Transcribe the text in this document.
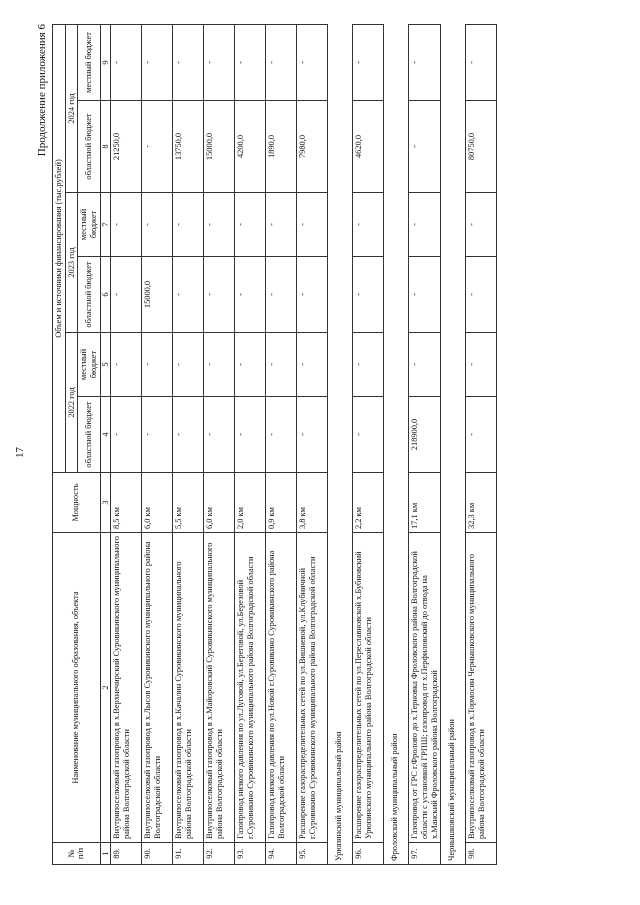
17
Продолжение приложения 6
№
п/п	Наименование муниципального образования, объекта	Мощность	Объем и источники финансирования (тыс.рублей)					
			2022 год		2023 год		2024 год	
			областной бюджет	местный бюджет	областной бюджет	местный бюджет	областной бюджет	местный бюджет
1	2	3	4	5	6	7	8	9
89.	Внутрипоселковый газопровод в х.Верхнечирский Суровикинского муниципального района Волгоградской области	8,5 км	-	-	-	-	21250,0	-
90.	Внутрипоселковый газопровод в х.Лысов Суровикинского муниципального района Волгоградской области	6,0 км	-	-	15000,0	-	-	-
91.	Внутрипоселковый газопровод в х.Качалин Суровикинского муниципального района Волгоградской области	5,5 км	-	-	-	-	13750,0	-
92.	Внутрипоселковый газопровод в х.Майоровский Суровикинского муниципального района Волгоградской области	6,0 км	-	-	-	-	15000,0	-
93.	Газопровод низкого давления по ул.Луговой, ул.Береговой, ул.Березовой г.Суровикино Суровикинского муниципального района Волгоградской области	2,0 км	-	-	-	-	4200,0	-
94.	Газопровод низкого давления по ул.Новой г.Суровикино Суровикинского района Волгоградской области	0,9 км	-	-	-	-	1890,0	-
95.	Расширение газораспределительных сетей по ул.Вишневой, ул.Клубничной г.Суровикино Суровикинского муниципального района Волгоградской области	3,8 км	-	-	-	-	7980,0	-
Урюпинский муниципальный район								
96.	Расширение газораспределительных сетей по ул.Переславновской х.Бубновский Урюпинского муниципального района Волгоградской области	2,2 км	-	-	-	-	4620,0	-
Фроловский муниципальный район								
97.	Газопровод от ГРС г.Фролово до х.Терновка Фроловского района Волгоградской области с установкой ГРПШ; газопровод от х.Перфиловский до отвода на х.Манский Фроловского района Волгоградской	17,1 км	218900,0	-	-	-	-	-
Чернышковский муниципальный район								
98.	Внутрипоселковый газопровод в х.Тормосин Чернышковского муниципального района Волгоградской области	32,3 км	-	-	-	-	80750,0	-
